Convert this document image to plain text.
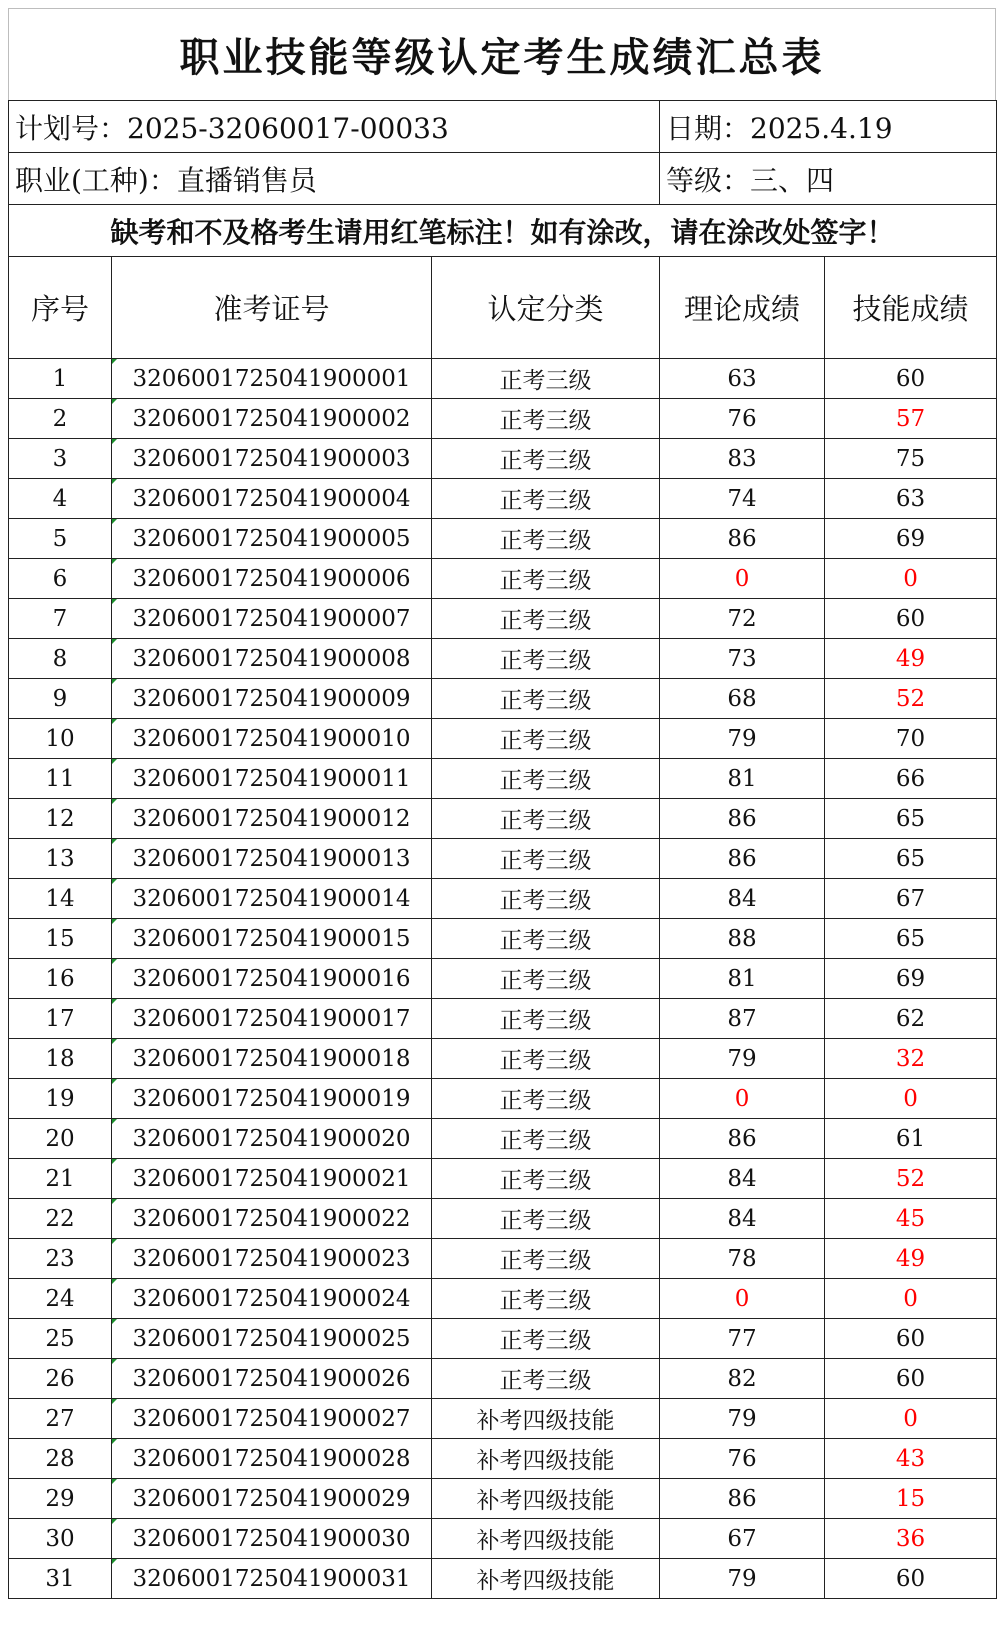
职业技能等级认定考生成绩汇总表
计划号：2025-32060017-00033			日期：2025.4.19	
职业(工种)：直播销售员			等级：三、四	
缺考和不及格考生请用红笔标注！如有涂改，请在涂改处签字！				
序号	准考证号	认定分类	理论成绩	技能成绩
1	3206001725041900001	正考三级	63	60
2	3206001725041900002	正考三级	76	57
3	3206001725041900003	正考三级	83	75
4	3206001725041900004	正考三级	74	63
5	3206001725041900005	正考三级	86	69
6	3206001725041900006	正考三级	0	0
7	3206001725041900007	正考三级	72	60
8	3206001725041900008	正考三级	73	49
9	3206001725041900009	正考三级	68	52
10	3206001725041900010	正考三级	79	70
11	3206001725041900011	正考三级	81	66
12	3206001725041900012	正考三级	86	65
13	3206001725041900013	正考三级	86	65
14	3206001725041900014	正考三级	84	67
15	3206001725041900015	正考三级	88	65
16	3206001725041900016	正考三级	81	69
17	3206001725041900017	正考三级	87	62
18	3206001725041900018	正考三级	79	32
19	3206001725041900019	正考三级	0	0
20	3206001725041900020	正考三级	86	61
21	3206001725041900021	正考三级	84	52
22	3206001725041900022	正考三级	84	45
23	3206001725041900023	正考三级	78	49
24	3206001725041900024	正考三级	0	0
25	3206001725041900025	正考三级	77	60
26	3206001725041900026	正考三级	82	60
27	3206001725041900027	补考四级技能	79	0
28	3206001725041900028	补考四级技能	76	43
29	3206001725041900029	补考四级技能	86	15
30	3206001725041900030	补考四级技能	67	36
31	3206001725041900031	补考四级技能	79	60
